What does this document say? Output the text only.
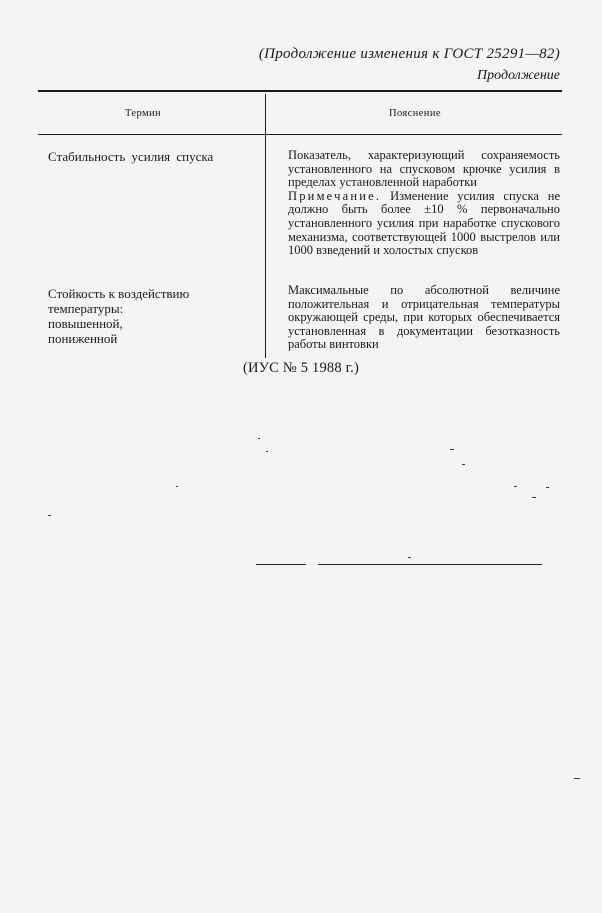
(Продолжение изменения к ГОСТ 25291—82)
Продолжение
Термин	Пояснение
Стабильность усилия спуска	Показатель, характеризующий сохраняемость установленного на спусковом крючке усилия в пределах установленной наработки
Примечание. Изменение усилия спуска не должно быть более ±10 % первоначально установленного усилия при наработке спускового механизма, соответствующей 1000 выстрелов или 1000 взведений и холостых спусков
Стойкость к воздействию температуры:
повышенной,
пониженной
Максимальные по абсолютной величине положительная и отрицательная температуры окружающей среды, при которых обеспечивается установленная в документации безотказность работы винтовки
(ИУС № 5 1988 г.)
